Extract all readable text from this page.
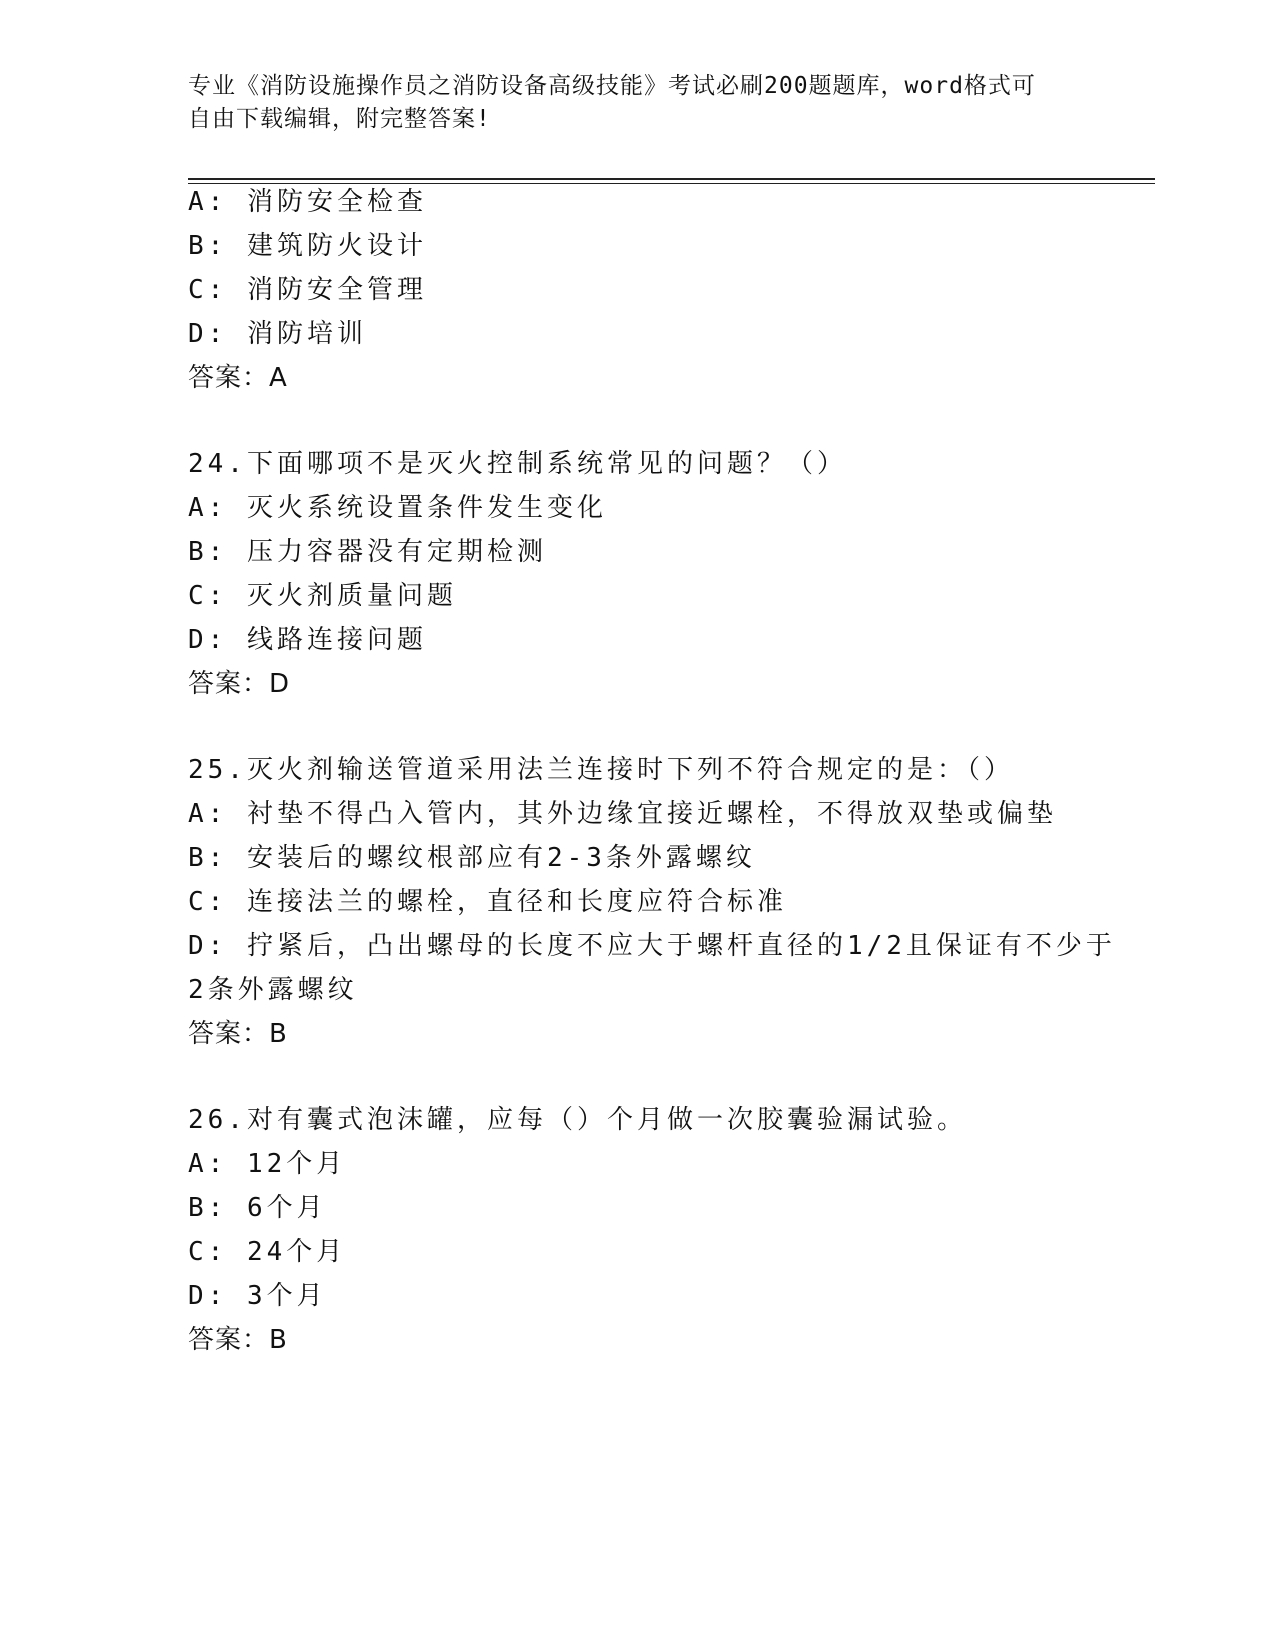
专业《消防设施操作员之消防设备高级技能》考试必刷200题题库，word格式可
自由下载编辑，附完整答案!
A: 消防安全检查
B: 建筑防火设计
C: 消防安全管理
D: 消防培训
答案：A
24.下面哪项不是灭火控制系统常见的问题？（）
A: 灭火系统设置条件发生变化
B: 压力容器没有定期检测
C: 灭火剂质量问题
D: 线路连接问题
答案：D
25.灭火剂输送管道采用法兰连接时下列不符合规定的是：（）
A: 衬垫不得凸入管内，其外边缘宜接近螺栓，不得放双垫或偏垫
B: 安装后的螺纹根部应有2-3条外露螺纹
C: 连接法兰的螺栓，直径和长度应符合标准
D: 拧紧后，凸出螺母的长度不应大于螺杆直径的1/2且保证有不少于
2条外露螺纹
答案：B
26.对有囊式泡沫罐，应每（）个月做一次胶囊验漏试验。
A: 12个月
B: 6个月
C: 24个月
D: 3个月
答案：B
